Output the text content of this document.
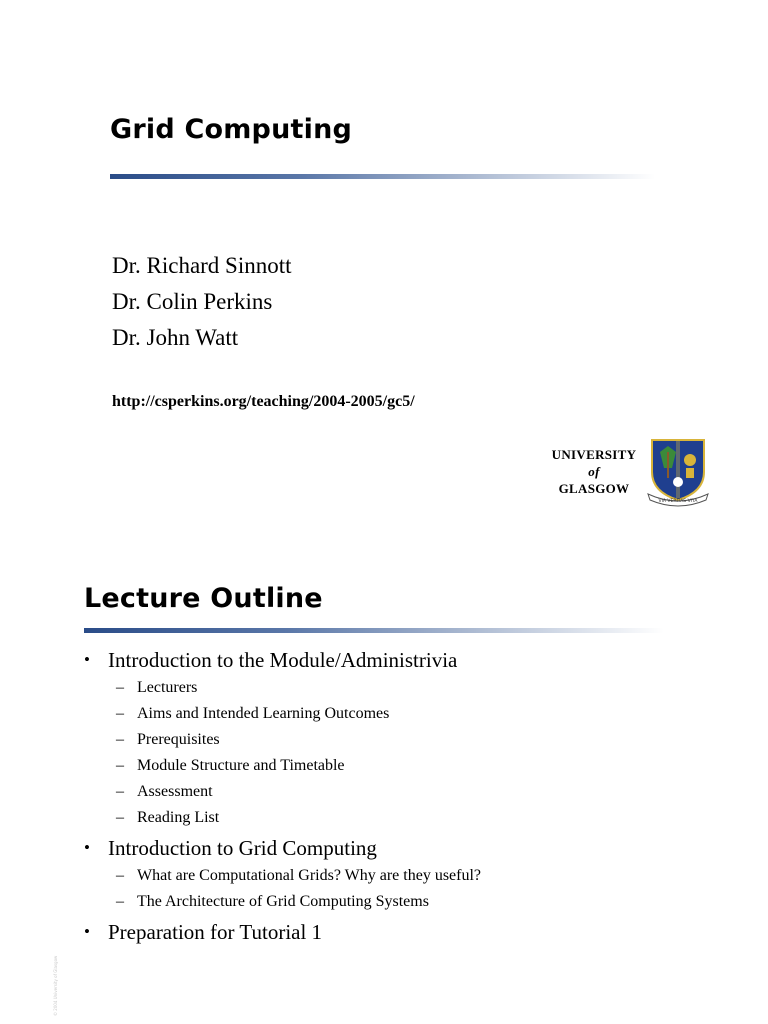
Grid Computing
Dr. Richard Sinnott
Dr. Colin Perkins
Dr. John Watt
http://csperkins.org/teaching/2004-2005/gc5/
UNIVERSITY
of
GLASGOW
VIA VERITAS VITA
Lecture Outline
• Introduction to the Module/Administrivia
– Lecturers
– Aims and Intended Learning Outcomes
– Prerequisites
– Module Structure and Timetable
– Assessment
– Reading List
• Introduction to Grid Computing
– What are Computational Grids? Why are they useful?
– The Architecture of Grid Computing Systems
• Preparation for Tutorial 1
© 2004 University of Glasgow
